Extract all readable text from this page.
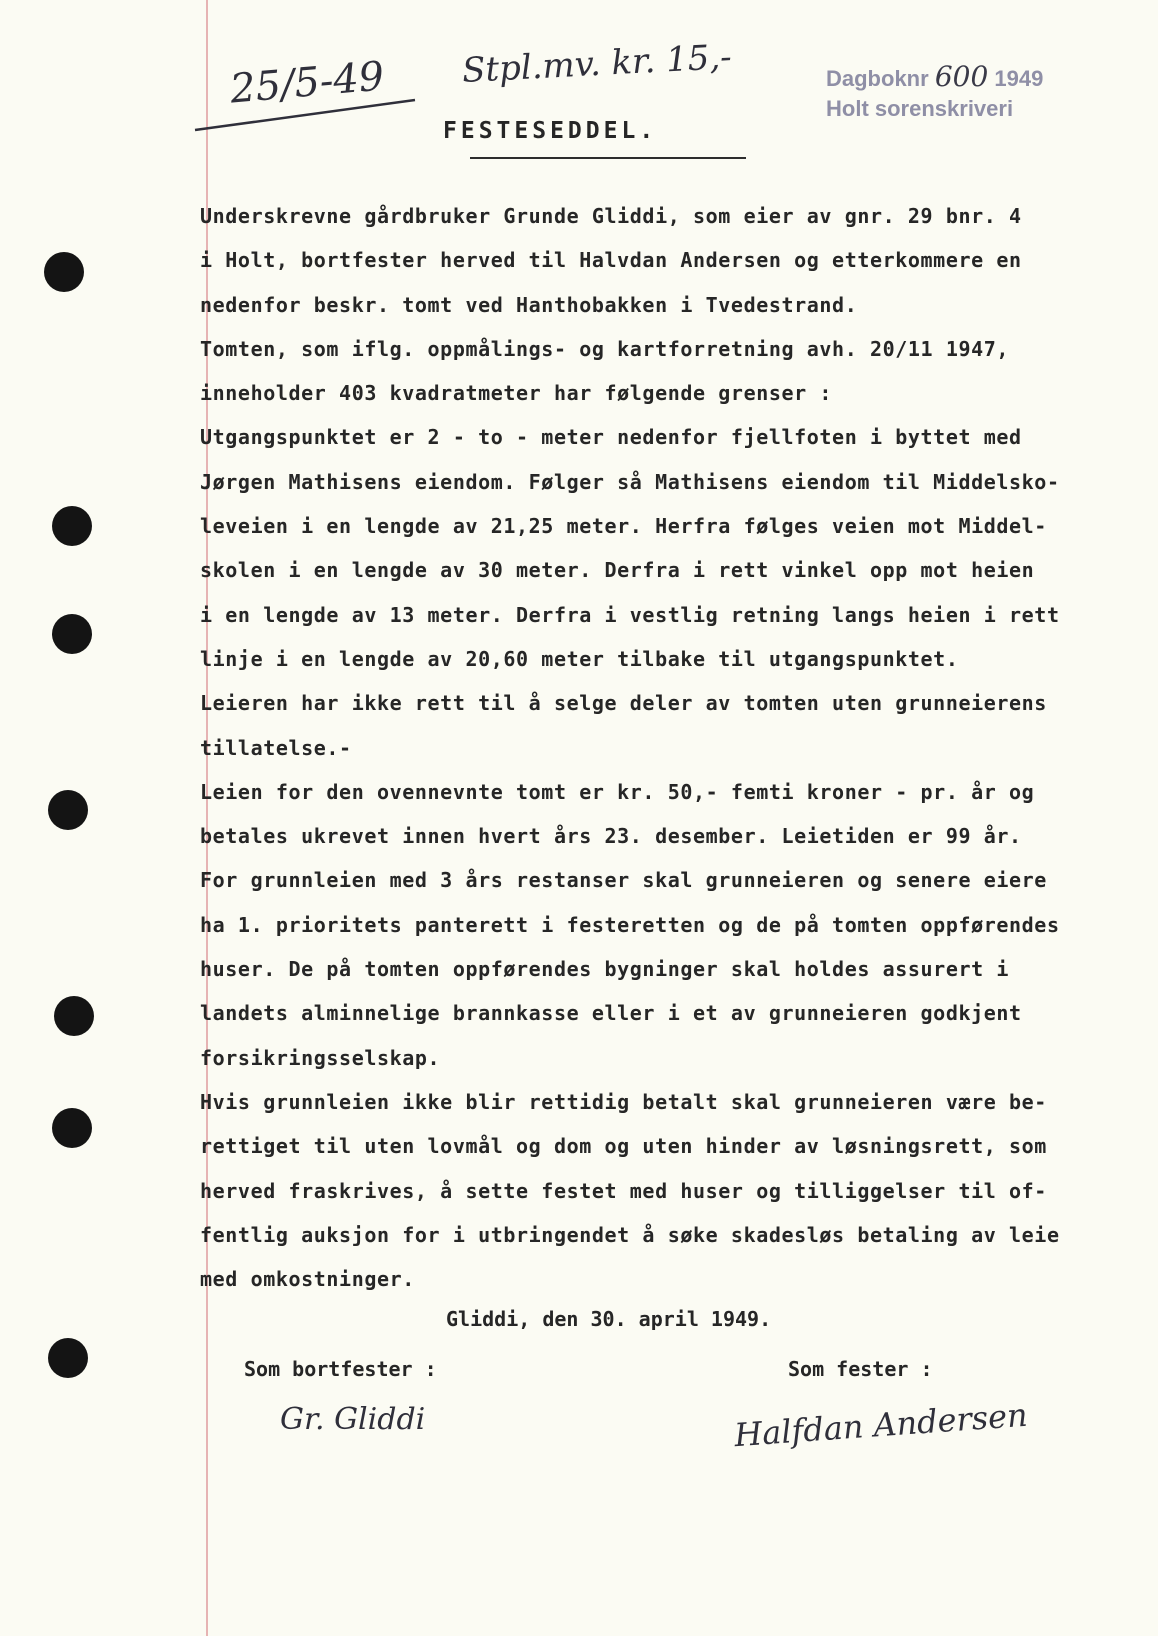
25/5-49 Stpl.mv. kr. 15,-	Dagboknr 600 1949
Holt sorenskriveri
FESTESEDDEL.
Underskrevne gårdbruker Grunde Gliddi, som eier av gnr. 29 bnr. 4
i Holt, bortfester herved til Halvdan Andersen og etterkommere en
nedenfor beskr. tomt ved Hanthobakken i Tvedestrand.
Tomten, som iflg. oppmålings- og kartforretning avh. 20/11 1947,
inneholder 403 kvadratmeter har følgende grenser :
Utgangspunktet er 2 - to - meter nedenfor fjellfoten i byttet med
Jørgen Mathisens eiendom. Følger så Mathisens eiendom til Middelsko-
leveien i en lengde av 21,25 meter. Herfra følges veien mot Middel-
skolen i en lengde av 30 meter. Derfra i rett vinkel opp mot heien
i en lengde av 13 meter. Derfra i vestlig retning langs heien i rett
linje i en lengde av 20,60 meter tilbake til utgangspunktet.
Leieren har ikke rett til å selge deler av tomten uten grunneierens
tillatelse.-
Leien for den ovennevnte tomt er kr. 50,- femti kroner - pr. år og
betales ukrevet innen hvert års 23. desember. Leietiden er 99 år.
For grunnleien med 3 års restanser skal grunneieren og senere eiere
ha 1. prioritets panterett i festeretten og de på tomten oppførendes
huser. De på tomten oppførendes bygninger skal holdes assurert i
landets alminnelige brannkasse eller i et av grunneieren godkjent
forsikringsselskap.
Hvis grunnleien ikke blir rettidig betalt skal grunneieren være be-
rettiget til uten lovmål og dom og uten hinder av løsningsrett, som
herved fraskrives, å sette festet med huser og tilliggelser til of-
fentlig auksjon for i utbringendet å søke skadesløs betaling av leie
med omkostninger.
Gliddi, den 30. april 1949.
Som bortfester :	Som fester :
Gr. Gliddi	Halfdan Andersen
